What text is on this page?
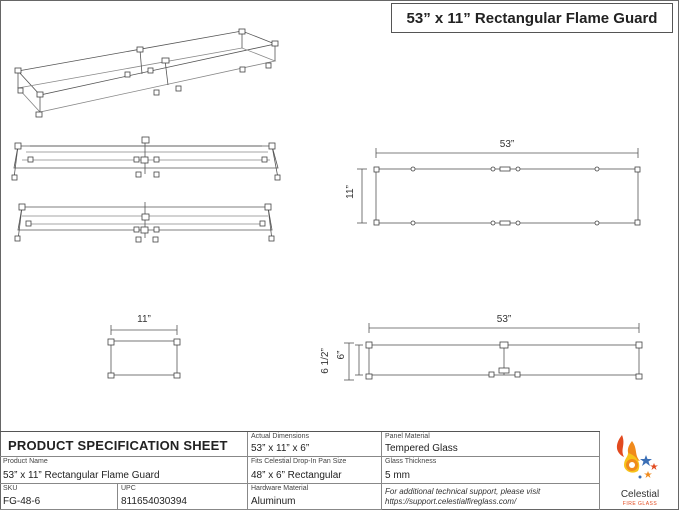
53” x 11” Rectangular Flame Guard
53”
11”
11”	53”
6 1/2” 6”
PRODUCT SPECIFICATION SHEET
Product Name
53” x 11” Rectangular Flame Guard
SKU
FG-48-6
UPC
811654030394
Actual Dimensions
53” x 11” x 6”
Fits Celestial Drop-In Pan Size
48” x 6” Rectangular
Hardware Material
Aluminum
Panel Material
Tempered Glass
Glass Thickness
5 mm
For additional technical support, please visit
https://support.celestialfireglass.com/
Celestial
FIRE GLASS
